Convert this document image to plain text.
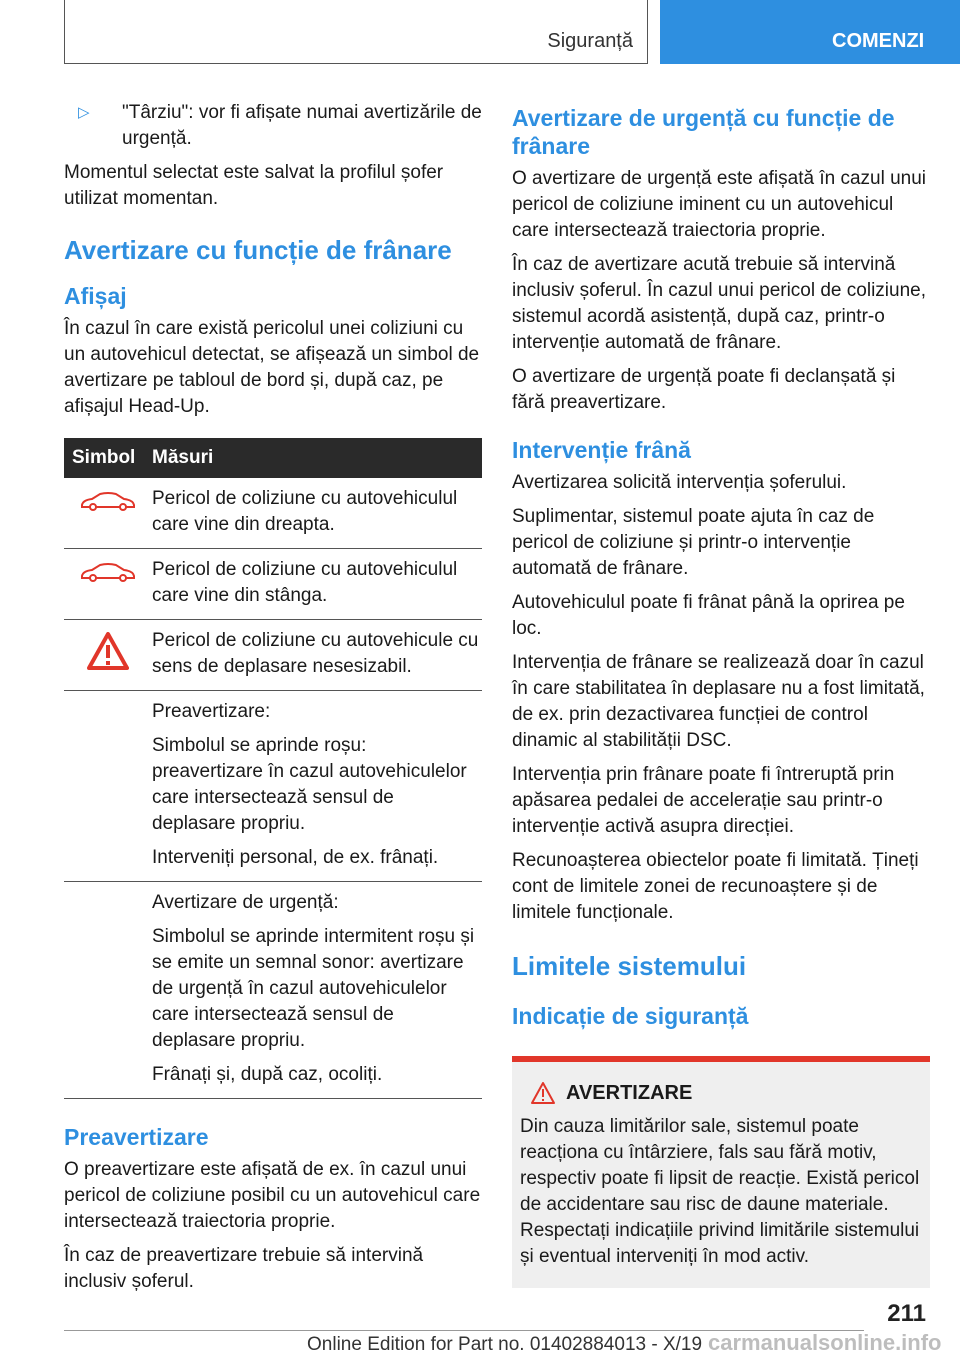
Siguranță	COMENZI
▷	"Târziu": vor fi afișate numai avertizările de urgență.

Momentul selectat este salvat la profilul șofer utilizat momentan.

Avertizare cu funcție de frânare
Afișaj

În cazul în care există pericolul unei coliziuni cu un autovehicul detectat, se afișează un simbol de avertizare pe tabloul de bord și, după caz, pe afișajul Head-Up.

Simbol Măsuri

Pericol de coliziune cu autovehiculul care vine din dreapta.

Pericol de coliziune cu autovehiculul care vine din stânga.

Pericol de coliziune cu autovehicule cu sens de deplasare nesesizabil.

Preavertizare:

Simbolul se aprinde roșu: preavertizare în cazul autovehiculelor care intersectează sensul de deplasare propriu.

Interveniți personal, de ex. frânați.

Avertizare de urgență:

Simbolul se aprinde intermitent roșu și se emite un semnal sonor: avertizare de urgență în cazul autovehiculelor care intersectează sensul de deplasare propriu.

Frânați și, după caz, ocoliți.

Preavertizare

O preavertizare este afișată de ex. în cazul unui pericol de coliziune posibil cu un autovehicul care intersectează traiectoria proprie.

În caz de preavertizare trebuie să intervină inclusiv șoferul.

Avertizare de urgență cu funcție de frânare

O avertizare de urgență este afișată în cazul unui pericol de coliziune iminent cu un autovehicul care intersectează traiectoria proprie.

În caz de avertizare acută trebuie să intervină inclusiv șoferul. În cazul unui pericol de coliziune, sistemul acordă asistență, după caz, printr-o intervenție automată de frânare.

O avertizare de urgență poate fi declanșată și fără preavertizare.

Intervenție frână

Avertizarea solicită intervenția șoferului.

Suplimentar, sistemul poate ajuta în caz de pericol de coliziune și printr-o intervenție automată de frânare.

Autovehiculul poate fi frânat până la oprirea pe loc.

Intervenția de frânare se realizează doar în cazul în care stabilitatea în deplasare nu a fost limitată, de ex. prin dezactivarea funcției de control dinamic al stabilității DSC.

Intervenția prin frânare poate fi întreruptă prin apăsarea pedalei de accelerație sau printr-o intervenție activă asupra direcției.

Recunoașterea obiectelor poate fi limitată. Țineți cont de limitele zonei de recunoaștere și de limitele funcționale.

Limitele sistemului
Indicație de siguranță
AVERTIZARE

Din cauza limitărilor sale, sistemul poate reacționa cu întârziere, fals sau fără motiv, respectiv poate fi lipsit de reacție. Există pericol de accidentare sau risc de daune materiale. Respectați indicațiile privind limitările sistemului și eventual interveniți în mod activ.

211
Online Edition for Part no. 01402884013 - X/19 carmanualsonline.info
